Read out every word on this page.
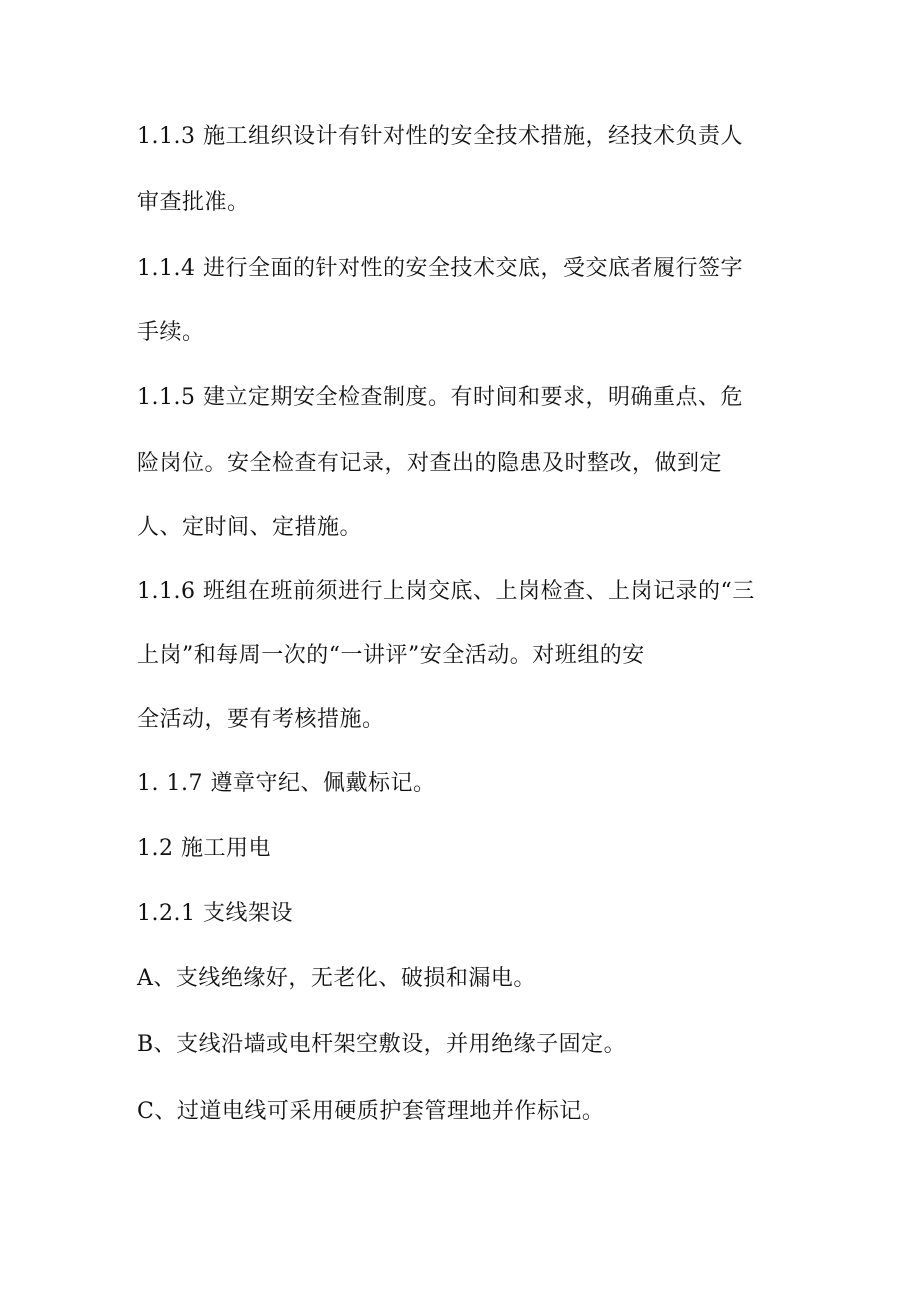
1.1.3 施工组织设计有针对性的安全技术措施，经技术负责人
审查批准。
1.1.4 进行全面的针对性的安全技术交底，受交底者履行签字
手续。
1.1.5 建立定期安全检查制度。有时间和要求，明确重点、危
险岗位。安全检查有记录，对查出的隐患及时整改，做到定
人、定时间、定措施。
1.1.6 班组在班前须进行上岗交底、上岗检查、上岗记录的“三
上岗”和每周一次的“一讲评”安全活动。对班组的安
全活动，要有考核措施。
1. 1.7 遵章守纪、佩戴标记。
1.2 施工用电
1.2.1 支线架设
A、支线绝缘好，无老化、破损和漏电。
B、支线沿墙或电杆架空敷设，并用绝缘子固定。
C、过道电线可采用硬质护套管理地并作标记。
